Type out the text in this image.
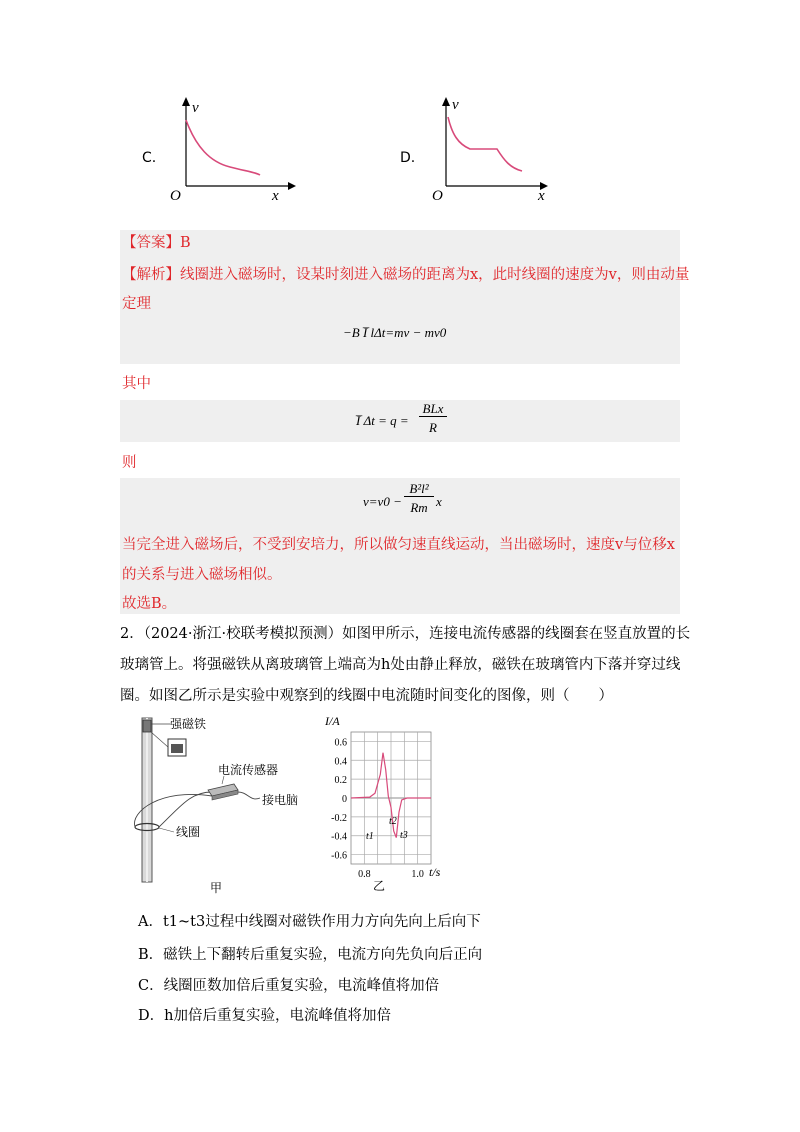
C.
v
x
O
D.
v
x
O
【答案】B
【解析】线圈进入磁场时，设某时刻进入磁场的距离为x，此时线圈的速度为v，则由动量
定理
−B I̅ lΔt=mv − mv0
其中
I̅ Δt = q =
BLx
R
则
v=v0 −
B²l²
Rm x
当完全进入磁场后，不受到安培力，所以做匀速直线运动，当出磁场时，速度v与位移x
的关系与进入磁场相似。
故选B。
2．（2024·浙江·校联考模拟预测）如图甲所示，连接电流传感器的线圈套在竖直放置的长
玻璃管上。将强磁铁从离玻璃管上端高为h处由静止释放，磁铁在玻璃管内下落并穿过线
圈。如图乙所示是实验中观察到的线圈中电流随时间变化的图像，则（　　）
强磁铁
电流传感器
接电脑
线圈
甲
0.6
0.4
0.2
0
-0.2
-0.4
-0.6
0.8	1.0
I/A
t/s
乙
t1
t2
t3
A．t1~t3过程中线圈对磁铁作用力方向先向上后向下
B．磁铁上下翻转后重复实验，电流方向先负向后正向
C．线圈匝数加倍后重复实验，电流峰值将加倍
D．h加倍后重复实验，电流峰值将加倍
